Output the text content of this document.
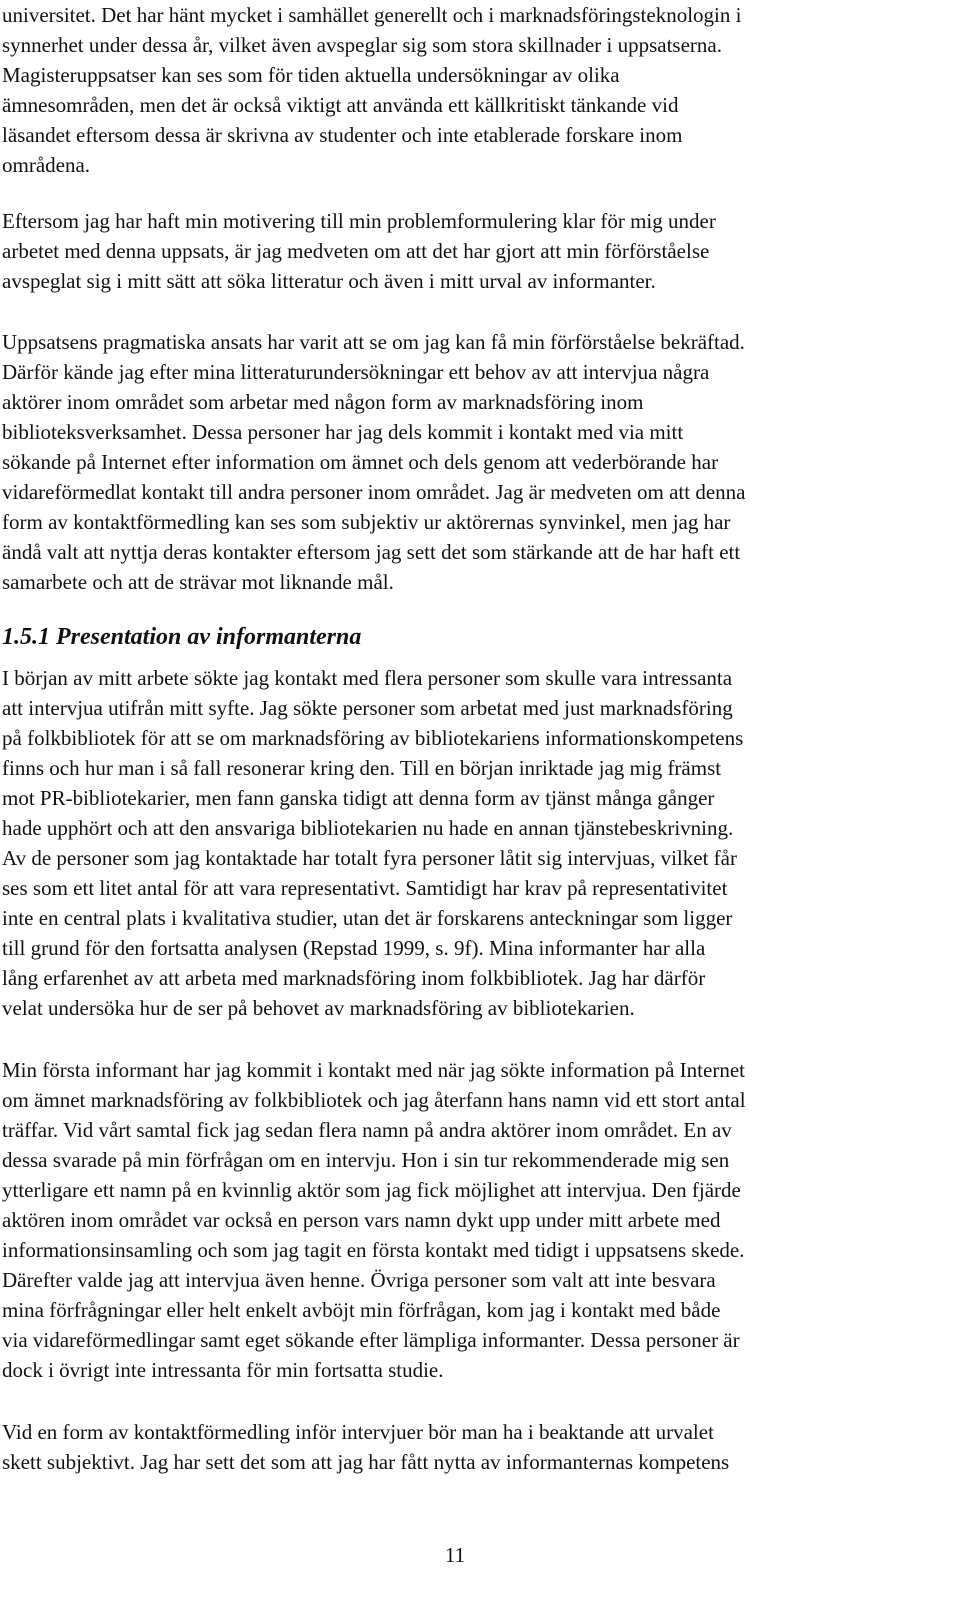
universitet. Det har hänt mycket i samhället generellt och i marknadsföringsteknologin i
synnerhet under dessa år, vilket även avspeglar sig som stora skillnader i uppsatserna.
Magisteruppsatser kan ses som för tiden aktuella undersökningar av olika
ämnesområden, men det är också viktigt att använda ett källkritiskt tänkande vid
läsandet eftersom dessa är skrivna av studenter och inte etablerade forskare inom
områdena.
Eftersom jag har haft min motivering till min problemformulering klar för mig under
arbetet med denna uppsats, är jag medveten om att det har gjort att min förförståelse
avspeglat sig i mitt sätt att söka litteratur och även i mitt urval av informanter.
Uppsatsens pragmatiska ansats har varit att se om jag kan få min förförståelse bekräftad.
Därför kände jag efter mina litteraturundersökningar ett behov av att intervjua några
aktörer inom området som arbetar med någon form av marknadsföring inom
biblioteksverksamhet. Dessa personer har jag dels kommit i kontakt med via mitt
sökande på Internet efter information om ämnet och dels genom att vederbörande har
vidareförmedlat kontakt till andra personer inom området. Jag är medveten om att denna
form av kontaktförmedling kan ses som subjektiv ur aktörernas synvinkel, men jag har
ändå valt att nyttja deras kontakter eftersom jag sett det som stärkande att de har haft ett
samarbete och att de strävar mot liknande mål.
1.5.1 Presentation av informanterna
I början av mitt arbete sökte jag kontakt med flera personer som skulle vara intressanta
att intervjua utifrån mitt syfte. Jag sökte personer som arbetat med just marknadsföring
på folkbibliotek för att se om marknadsföring av bibliotekariens informationskompetens
finns och hur man i så fall resonerar kring den. Till en början inriktade jag mig främst
mot PR-bibliotekarier, men fann ganska tidigt att denna form av tjänst många gånger
hade upphört och att den ansvariga bibliotekarien nu hade en annan tjänstebeskrivning.
Av de personer som jag kontaktade har totalt fyra personer låtit sig intervjuas, vilket får
ses som ett litet antal för att vara representativt. Samtidigt har krav på representativitet
inte en central plats i kvalitativa studier, utan det är forskarens anteckningar som ligger
till grund för den fortsatta analysen (Repstad 1999, s. 9f). Mina informanter har alla
lång erfarenhet av att arbeta med marknadsföring inom folkbibliotek. Jag har därför
velat undersöka hur de ser på behovet av marknadsföring av bibliotekarien.
Min första informant har jag kommit i kontakt med när jag sökte information på Internet
om ämnet marknadsföring av folkbibliotek och jag återfann hans namn vid ett stort antal
träffar. Vid vårt samtal fick jag sedan flera namn på andra aktörer inom området. En av
dessa svarade på min förfrågan om en intervju. Hon i sin tur rekommenderade mig sen
ytterligare ett namn på en kvinnlig aktör som jag fick möjlighet att intervjua. Den fjärde
aktören inom området var också en person vars namn dykt upp under mitt arbete med
informationsinsamling och som jag tagit en första kontakt med tidigt i uppsatsens skede.
Därefter valde jag att intervjua även henne. Övriga personer som valt att inte besvara
mina förfrågningar eller helt enkelt avböjt min förfrågan, kom jag i kontakt med både
via vidareförmedlingar samt eget sökande efter lämpliga informanter. Dessa personer är
dock i övrigt inte intressanta för min fortsatta studie.
Vid en form av kontaktförmedling inför intervjuer bör man ha i beaktande att urvalet
skett subjektivt. Jag har sett det som att jag har fått nytta av informanternas kompetens
11
